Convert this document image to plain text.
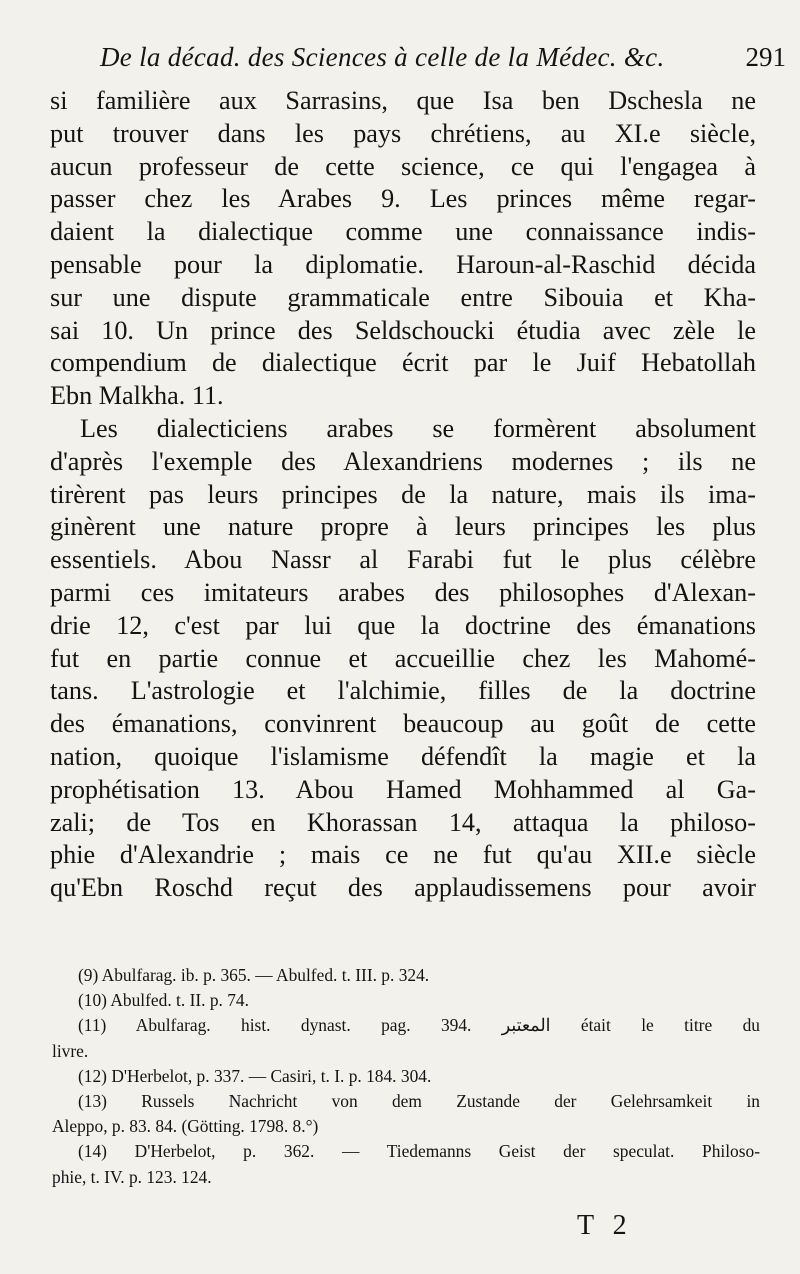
De la décad. des Sciences à celle de la Médec. &c.	291
si familière aux Sarrasins, que Isa ben Dschesla ne
put trouver dans les pays chrétiens, au XI.e siècle,
aucun professeur de cette science, ce qui l'engagea à
passer chez les Arabes 9. Les princes même regar-
daient la dialectique comme une connaissance indis-
pensable pour la diplomatie. Haroun-al-Raschid décida
sur une dispute grammaticale entre Sibouia et Kha-
sai 10. Un prince des Seldschoucki étudia avec zèle le
compendium de dialectique écrit par le Juif Hebatollah
Ebn Malkha. 11.
Les dialecticiens arabes se formèrent absolument
d'après l'exemple des Alexandriens modernes ; ils ne
tirèrent pas leurs principes de la nature, mais ils ima-
ginèrent une nature propre à leurs principes les plus
essentiels. Abou Nassr al Farabi fut le plus célèbre
parmi ces imitateurs arabes des philosophes d'Alexan-
drie 12, c'est par lui que la doctrine des émanations
fut en partie connue et accueillie chez les Mahomé-
tans. L'astrologie et l'alchimie, filles de la doctrine
des émanations, convinrent beaucoup au goût de cette
nation, quoique l'islamisme défendît la magie et la
prophétisation 13. Abou Hamed Mohhammed al Ga-
zali; de Tos en Khorassan 14, attaqua la philoso-
phie d'Alexandrie ; mais ce ne fut qu'au XII.e siècle
qu'Ebn Roschd reçut des applaudissemens pour avoir
(9) Abulfarag. ib. p. 365. — Abulfed. t. III. p. 324.
(10) Abulfed. t. II. p. 74.
(11) Abulfarag. hist. dynast. pag. 394. المعتبر était le titre du
livre.
(12) D'Herbelot, p. 337. — Casiri, t. I. p. 184. 304.
(13) Russels Nachricht von dem Zustande der Gelehrsamkeit in
Aleppo, p. 83. 84. (Götting. 1798. 8.°)
(14) D'Herbelot, p. 362. — Tiedemanns Geist der speculat. Philoso-
phie, t. IV. p. 123. 124.
T 2
